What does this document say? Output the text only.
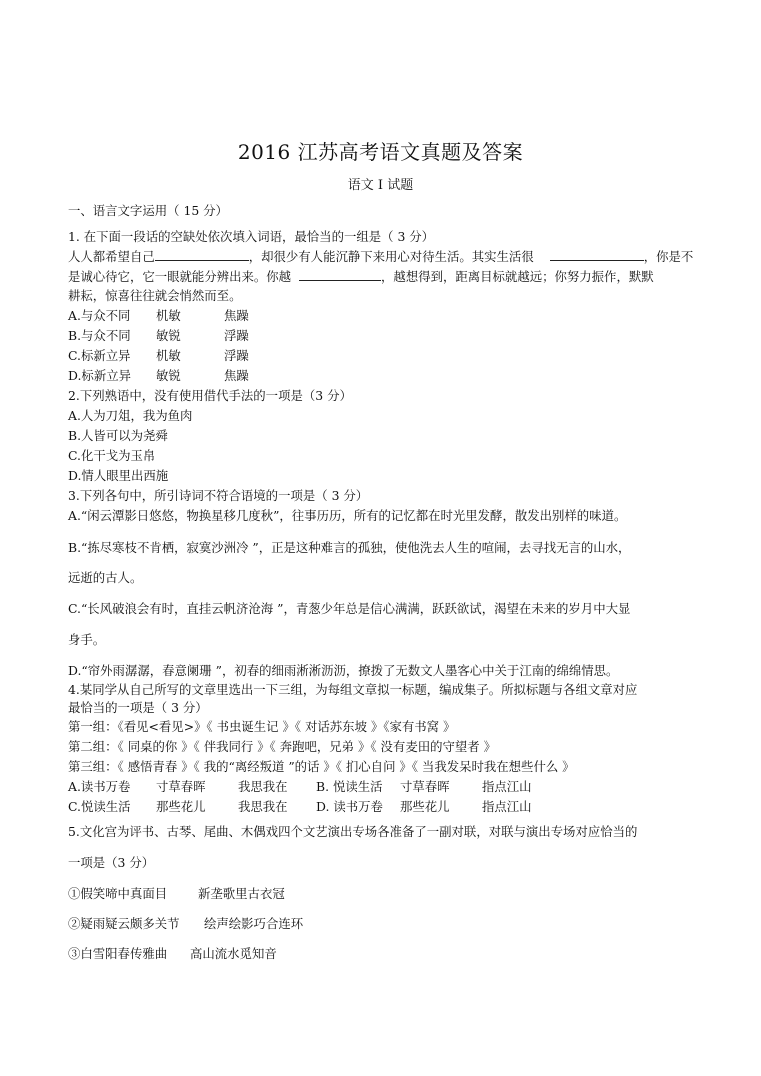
2016 江苏高考语文真题及答案
语文 I 试题
一、语言文字运用（ 15 分）
1. 在下面一段话的空缺处依次填入词语，最恰当的一组是（ 3 分）
人人都希望自己	，却很少有人能沉静下来用心对待生活。其实生活很	，你是不
是诚心待它，它一眼就能分辨出来。你越	，越想得到，距离目标就越远；你努力振作，默默
耕耘，惊喜往往就会悄然而至。
A.与众不同 机敏	焦躁
B.与众不同 敏锐	浮躁
C.标新立异 机敏	浮躁
D.标新立异 敏锐	焦躁
2.下列熟语中，没有使用借代手法的一项是（3 分）
A.人为刀俎，我为鱼肉
B.人皆可以为尧舜
C.化干戈为玉帛
D.情人眼里出西施
3.下列各句中，所引诗词不符合语境的一项是（ 3 分）
A.“闲云潭影日悠悠，物换星移几度秋”，往事历历，所有的记忆都在时光里发酵，散发出别样的味道。
B.“拣尽寒枝不肯栖，寂寞沙洲冷 ”，正是这种难言的孤独，使他洗去人生的喧闹，去寻找无言的山水，
远逝的古人。
C.“长风破浪会有时，直挂云帆济沧海 ”，青葱少年总是信心满满，跃跃欲试，渴望在未来的岁月中大显
身手。
D.“帘外雨潺潺，春意阑珊 ”，初春的细雨淅淅沥沥，撩拨了无数文人墨客心中关于江南的绵绵情思。
4.某同学从自己所写的文章里选出一下三组，为每组文章拟一标题，编成集子。所拟标题与各组文章对应
最恰当的一项是（ 3 分）
第一组：《看见<看见>》《 书虫诞生记 》《 对话苏东坡 》《家有书窝 》
第二组：《 同桌的你 》《 伴我同行 》《 奔跑吧，兄弟 》《 没有麦田的守望者 》
第三组：《 感悟青春 》《 我的“离经叛道 ”的话 》《 扪心自问 》《 当我发呆时我在想些什么 》
A.读书万卷 寸草春晖	我思我在 B. 悦读生活 寸草春晖	指点江山
C.悦读生活 那些花儿	我思我在 D. 读书万卷 那些花儿	指点江山
5.文化宫为评书、古琴、尾曲、木偶戏四个文艺演出专场各准备了一副对联，对联与演出专场对应恰当的
一项是（3 分）
①假笑啼中真面目 新垄歌里古衣冠
②疑雨疑云颇多关节 绘声绘影巧合连环
③白雪阳春传雅曲 高山流水觅知音
